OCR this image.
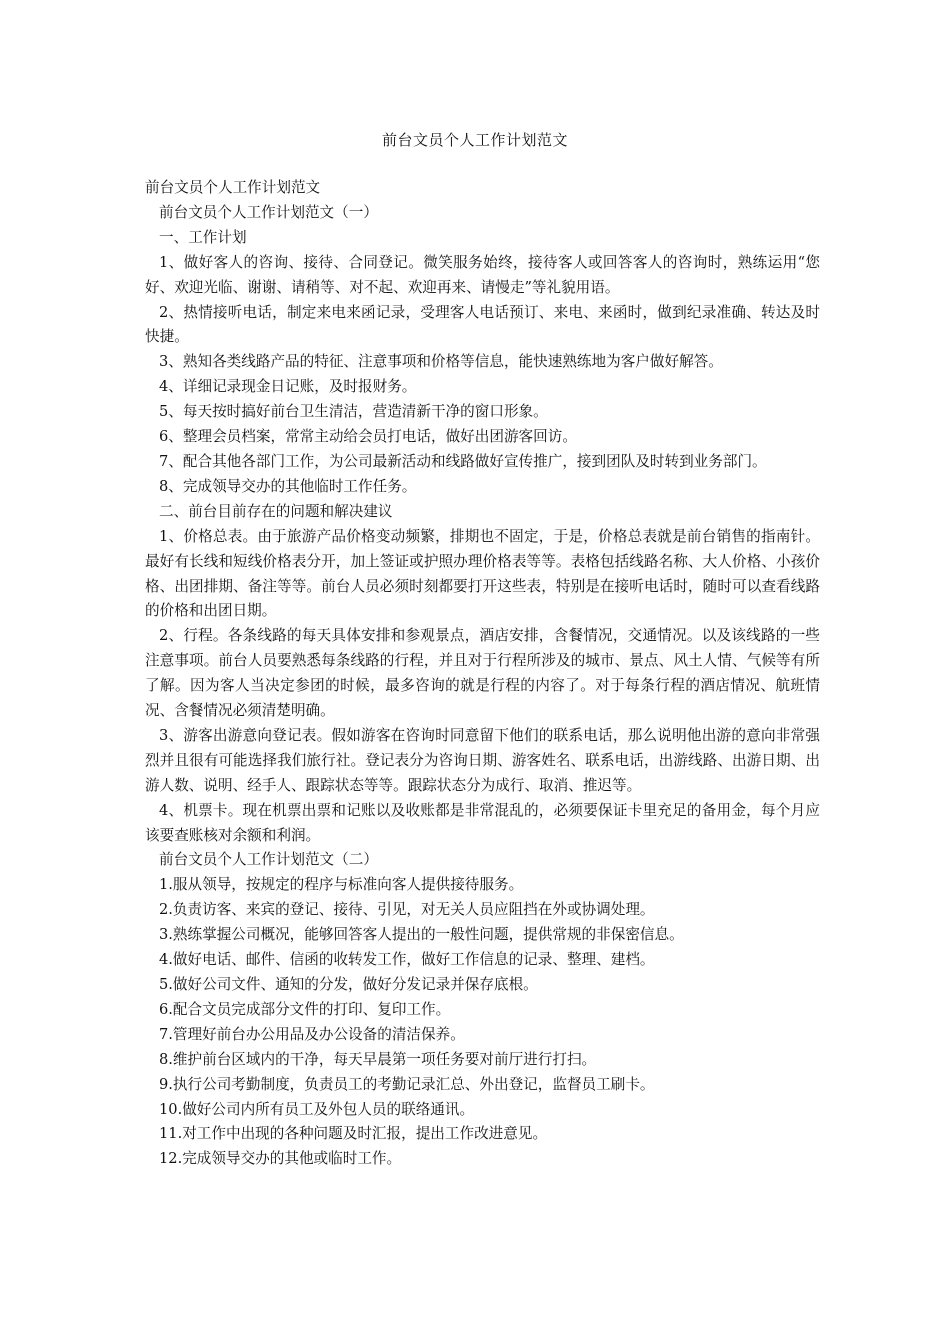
前台文员个人工作计划范文

前台文员个人工作计划范文

前台文员个人工作计划范文（一）

一、工作计划

1、做好客人的咨询、接待、合同登记。微笑服务始终，接待客人或回答客人的咨询时，熟练运用“您好、欢迎光临、谢谢、请稍等、对不起、欢迎再来、请慢走”等礼貌用语。

2、热情接听电话，制定来电来函记录，受理客人电话预订、来电、来函时，做到纪录准确、转达及时快捷。

3、熟知各类线路产品的特征、注意事项和价格等信息，能快速熟练地为客户做好解答。

4、详细记录现金日记账，及时报财务。

5、每天按时搞好前台卫生清洁，营造清新干净的窗口形象。

6、整理会员档案，常常主动给会员打电话，做好出团游客回访。

7、配合其他各部门工作，为公司最新活动和线路做好宣传推广，接到团队及时转到业务部门。

8、完成领导交办的其他临时工作任务。

二、前台目前存在的问题和解决建议

1、价格总表。由于旅游产品价格变动频繁，排期也不固定，于是，价格总表就是前台销售的指南针。最好有长线和短线价格表分开，加上签证或护照办理价格表等等。表格包括线路名称、大人价格、小孩价格、出团排期、备注等等。前台人员必须时刻都要打开这些表，特别是在接听电话时，随时可以查看线路的价格和出团日期。

2、行程。各条线路的每天具体安排和参观景点，酒店安排，含餐情况，交通情况。以及该线路的一些注意事项。前台人员要熟悉每条线路的行程，并且对于行程所涉及的城市、景点、风土人情、气候等有所了解。因为客人当决定参团的时候，最多咨询的就是行程的内容了。对于每条行程的酒店情况、航班情况、含餐情况必须清楚明确。

3、游客出游意向登记表。假如游客在咨询时同意留下他们的联系电话，那么说明他出游的意向非常强烈并且很有可能选择我们旅行社。登记表分为咨询日期、游客姓名、联系电话，出游线路、出游日期、出游人数、说明、经手人、跟踪状态等等。跟踪状态分为成行、取消、推迟等。

4、机票卡。现在机票出票和记账以及收账都是非常混乱的，必须要保证卡里充足的备用金，每个月应该要查账核对余额和利润。

前台文员个人工作计划范文（二）

1.服从领导，按规定的程序与标准向客人提供接待服务。

2.负责访客、来宾的登记、接待、引见，对无关人员应阻挡在外或协调处理。

3.熟练掌握公司概况，能够回答客人提出的一般性问题，提供常规的非保密信息。

4.做好电话、邮件、信函的收转发工作，做好工作信息的记录、整理、建档。

5.做好公司文件、通知的分发，做好分发记录并保存底根。

6.配合文员完成部分文件的打印、复印工作。

7.管理好前台办公用品及办公设备的清洁保养。

8.维护前台区域内的干净，每天早晨第一项任务要对前厅进行打扫。

9.执行公司考勤制度，负责员工的考勤记录汇总、外出登记，监督员工刷卡。

10.做好公司内所有员工及外包人员的联络通讯。

11.对工作中出现的各种问题及时汇报，提出工作改进意见。

12.完成领导交办的其他或临时工作。
